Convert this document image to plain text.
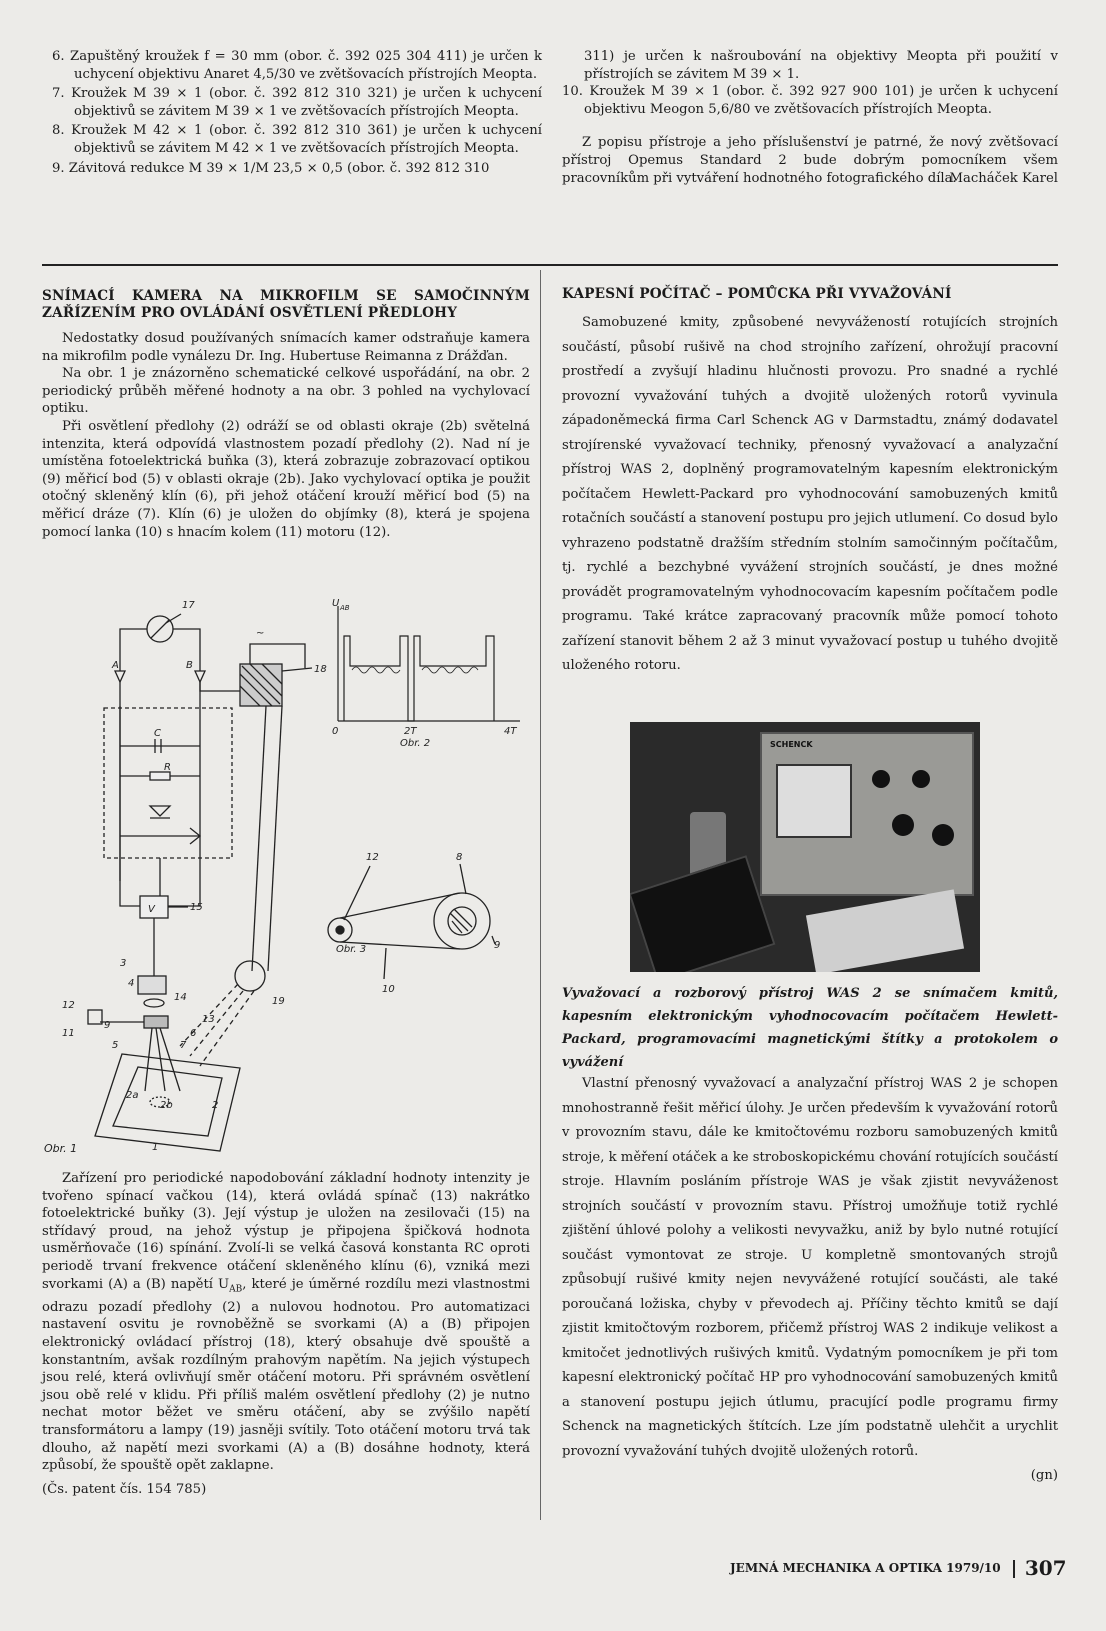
6. Zapuštěný kroužek f = 30 mm (obor. č. 392 025 304 411) je určen k uchycení objektivu Anaret 4,5/30 ve zvětšovacích přístrojích Meopta.

7. Kroužek M 39 × 1 (obor. č. 392 812 310 321) je určen k uchycení objektivů se závitem M 39 × 1 ve zvětšovacích přístrojích Meopta.

8. Kroužek M 42 × 1 (obor. č. 392 812 310 361) je určen k uchycení objektivů se závitem M 42 × 1 ve zvětšovacích přístrojích Meopta.

9. Závitová redukce M 39 × 1/M 23,5 × 0,5 (obor. č. 392 812 310

311) je určen k našroubování na objektivy Meopta při použití v přístrojích se závitem M 39 × 1.

10. Kroužek M 39 × 1 (obor. č. 392 927 900 101) je určen k uchycení objektivu Meogon 5,6/80 ve zvětšovacích přístrojích Meopta.

Z popisu přístroje a jeho příslušenství je patrné, že nový zvětšovací přístroj Opemus Standard 2 bude dobrým pomocníkem všem pracovníkům při vytváření hodnotného fotografického díla.

Macháček Karel

SNÍMACÍ KAMERA NA MIKROFILM SE SAMOČINNÝM ZAŘÍZENÍM PRO OVLÁDÁNÍ OSVĚTLENÍ PŘEDLOHY

Nedostatky dosud používaných snímacích kamer odstraňuje kamera na mikrofilm podle vynálezu Dr. Ing. Hubertuse Reimanna z Drážďan.

Na obr. 1 je znázorněno schematické celkové uspořádání, na obr. 2 periodický průběh měřené hodnoty a na obr. 3 pohled na vychylovací optiku.

Při osvětlení předlohy (2) odráží se od oblasti okraje (2b) světelná intenzita, která odpovídá vlastnostem pozadí předlohy (2). Nad ní je umístěna fotoelektrická buňka (3), která zobrazuje zobrazovací optikou (9) měřicí bod (5) v oblasti okraje (2b). Jako vychylovací optika je použit otočný skleněný klín (6), při jehož otáčení krouží měřicí bod (5) na měřicí dráze (7). Klín (6) je uložen do objímky (8), která je spojena pomocí lanka (10) s hnacím kolem (11) motoru (12).

17
A	B
~
18
C
R
V	15
3
4
14
12
11
13
5	7
6
19
2a
2b	2
1
9
Obr. 1
U AB
0	2T	4T
Obr. 2
12	8
10
9
Obr. 3

Zařízení pro periodické napodobování základní hodnoty intenzity je tvořeno spínací vačkou (14), která ovládá spínač (13) nakrátko fotoelektrické buňky (3). Její výstup je uložen na zesilovači (15) na střídavý proud, na jehož výstup je připojena špičková hodnota usměrňovače (16) spínání. Zvolí-li se velká časová konstanta RC oproti periodě trvaní frekvence otáčení skleněného klínu (6), vzniká mezi svorkami (A) a (B) napětí $U_{AB}$, které je úměrné rozdílu mezi vlastnostmi odrazu pozadí předlohy (2) a nulovou hodnotou. Pro automatizaci nastavení osvitu je rovnoběžně se svorkami (A) a (B) připojen elektronický ovládací přístroj (18), který obsahuje dvě spouště a konstantním, avšak rozdílným prahovým napětím. Na jejich výstupech jsou relé, která ovlivňují směr otáčení motoru. Při správném osvětlení jsou obě relé v klidu. Při příliš malém osvětlení předlohy (2) je nutno nechat motor běžet ve směru otáčení, aby se zvýšilo napětí transformátoru a lampy (19) jasněji svítily. Toto otáčení motoru trvá tak dlouho, až napětí mezi svorkami (A) a (B) dosáhne hodnoty, která způsobí, že spouště opět zaklapne.

(Čs. patent čís. 154 785)

KAPESNÍ POČÍTAČ – POMŮCKA PŘI VYVAŽOVÁNÍ

Samobuzené kmity, způsobené nevyvážeností rotujících strojních součástí, působí rušivě na chod strojního zařízení, ohrožují pracovní prostředí a zvyšují hladinu hlučnosti provozu. Pro snadné a rychlé provozní vyvažování tuhých a dvojitě uložených rotorů vyvinula západoněmecká firma Carl Schenck AG v Darmstadtu, známý dodavatel strojírenské vyvažovací techniky, přenosný vyvažovací a analyzační přístroj WAS 2, doplněný programovatelným kapesním elektronickým počítačem Hewlett-Packard pro vyhodnocování samobuzených kmitů rotačních součástí a stanovení postupu pro jejich utlumení. Co dosud bylo vyhrazeno podstatně dražším středním stolním samočinným počítačům, tj. rychlé a bezchybné vyvážení strojních součástí, je dnes možné provádět programovatelným vyhodnocovacím kapesním počítačem podle programu. Také krátce zapracovaný pracovník může pomocí tohoto zařízení stanovit během 2 až 3 minut vyvažovací postup u tuhého dvojitě uloženého rotoru.

SCHENCK
Vyvažovací a rozborový přístroj WAS 2 se snímačem kmitů, kapesním elektronickým vyhodnocovacím počítačem Hewlett-Packard, programovacími magnetickými štítky a protokolem o vyvážení

Vlastní přenosný vyvažovací a analyzační přístroj WAS 2 je schopen mnohostranně řešit měřicí úlohy. Je určen především k vyvažování rotorů v provozním stavu, dále ke kmitočtovému rozboru samobuzených kmitů stroje, k měření otáček a ke stroboskopickému chování rotujících součástí stroje. Hlavním posláním přístroje WAS je však zjistit nevyváženost strojních součástí v provozním stavu. Přístroj umožňuje totiž rychlé zjištění úhlové polohy a velikosti nevyvažku, aniž by bylo nutné rotující součást vymontovat ze stroje. U kompletně smontovaných strojů způsobují rušivé kmity nejen nevyvážené rotující součásti, ale také poroučaná ložiska, chyby v převodech aj. Příčiny těchto kmitů se dají zjistit kmitočtovým rozborem, přičemž přístroj WAS 2 indikuje velikost a kmitočet jednotlivých rušivých kmitů. Vydatným pomocníkem je při tom kapesní elektronický počítač HP pro vyhodnocování samobuzených kmitů a stanovení postupu jejich útlumu, pracující podle programu firmy Schenck na magnetických štítcích. Lze jím podstatně ulehčit a urychlit provozní vyvažování tuhých dvojitě uložených rotorů.

(gn)

JEMNÁ MECHANIKA A OPTIKA 1979/10 307
